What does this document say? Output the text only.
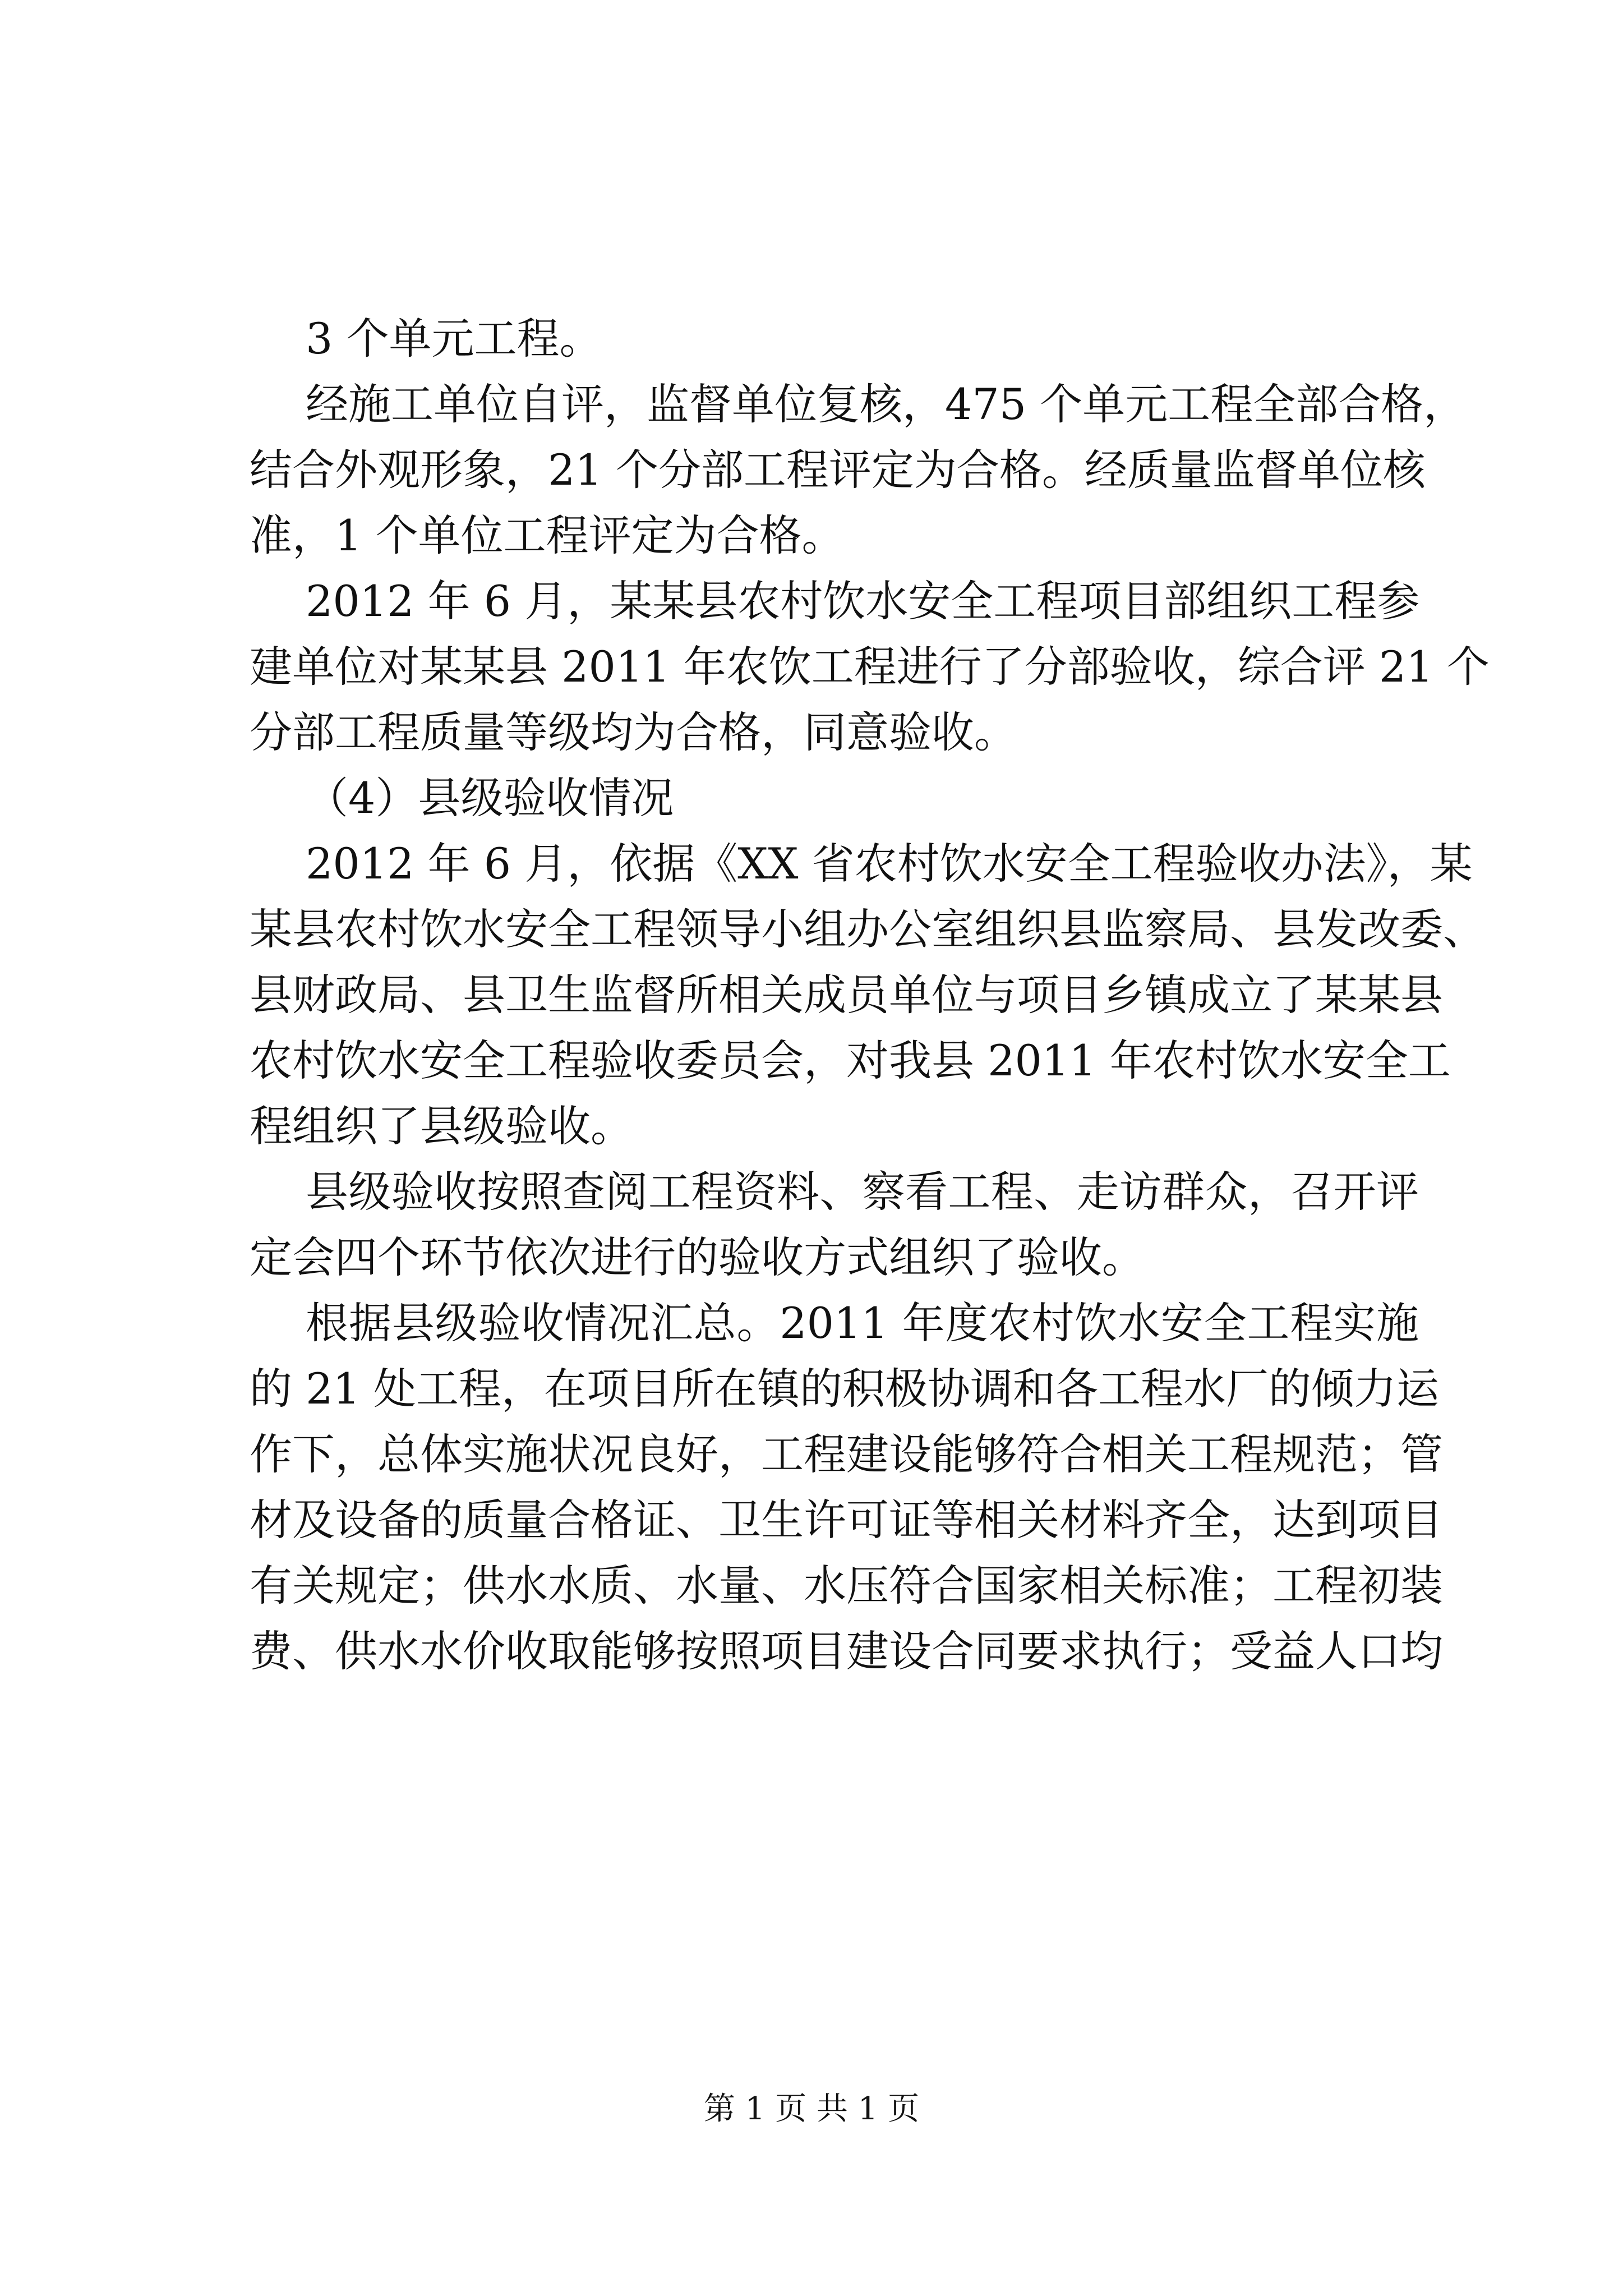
3 个单元工程。
经施工单位自评，监督单位复核，475 个单元工程全部合格，
结合外观形象，21 个分部工程评定为合格。经质量监督单位核
准，1 个单位工程评定为合格。
2012 年 6 月，某某县农村饮水安全工程项目部组织工程参
建单位对某某县 2011 年农饮工程进行了分部验收，综合评 21 个
分部工程质量等级均为合格，同意验收。
（4）县级验收情况
2012 年 6 月，依据《XX 省农村饮水安全工程验收办法》，某
某县农村饮水安全工程领导小组办公室组织县监察局、县发改委、
县财政局、县卫生监督所相关成员单位与项目乡镇成立了某某县
农村饮水安全工程验收委员会，对我县 2011 年农村饮水安全工
程组织了县级验收。
县级验收按照查阅工程资料、察看工程、走访群众，召开评
定会四个环节依次进行的验收方式组织了验收。
根据县级验收情况汇总。2011 年度农村饮水安全工程实施
的 21 处工程，在项目所在镇的积极协调和各工程水厂的倾力运
作下，总体实施状况良好，工程建设能够符合相关工程规范；管
材及设备的质量合格证、卫生许可证等相关材料齐全，达到项目
有关规定；供水水质、水量、水压符合国家相关标准；工程初装
费、供水水价收取能够按照项目建设合同要求执行；受益人口均
第 1 页 共 1 页
